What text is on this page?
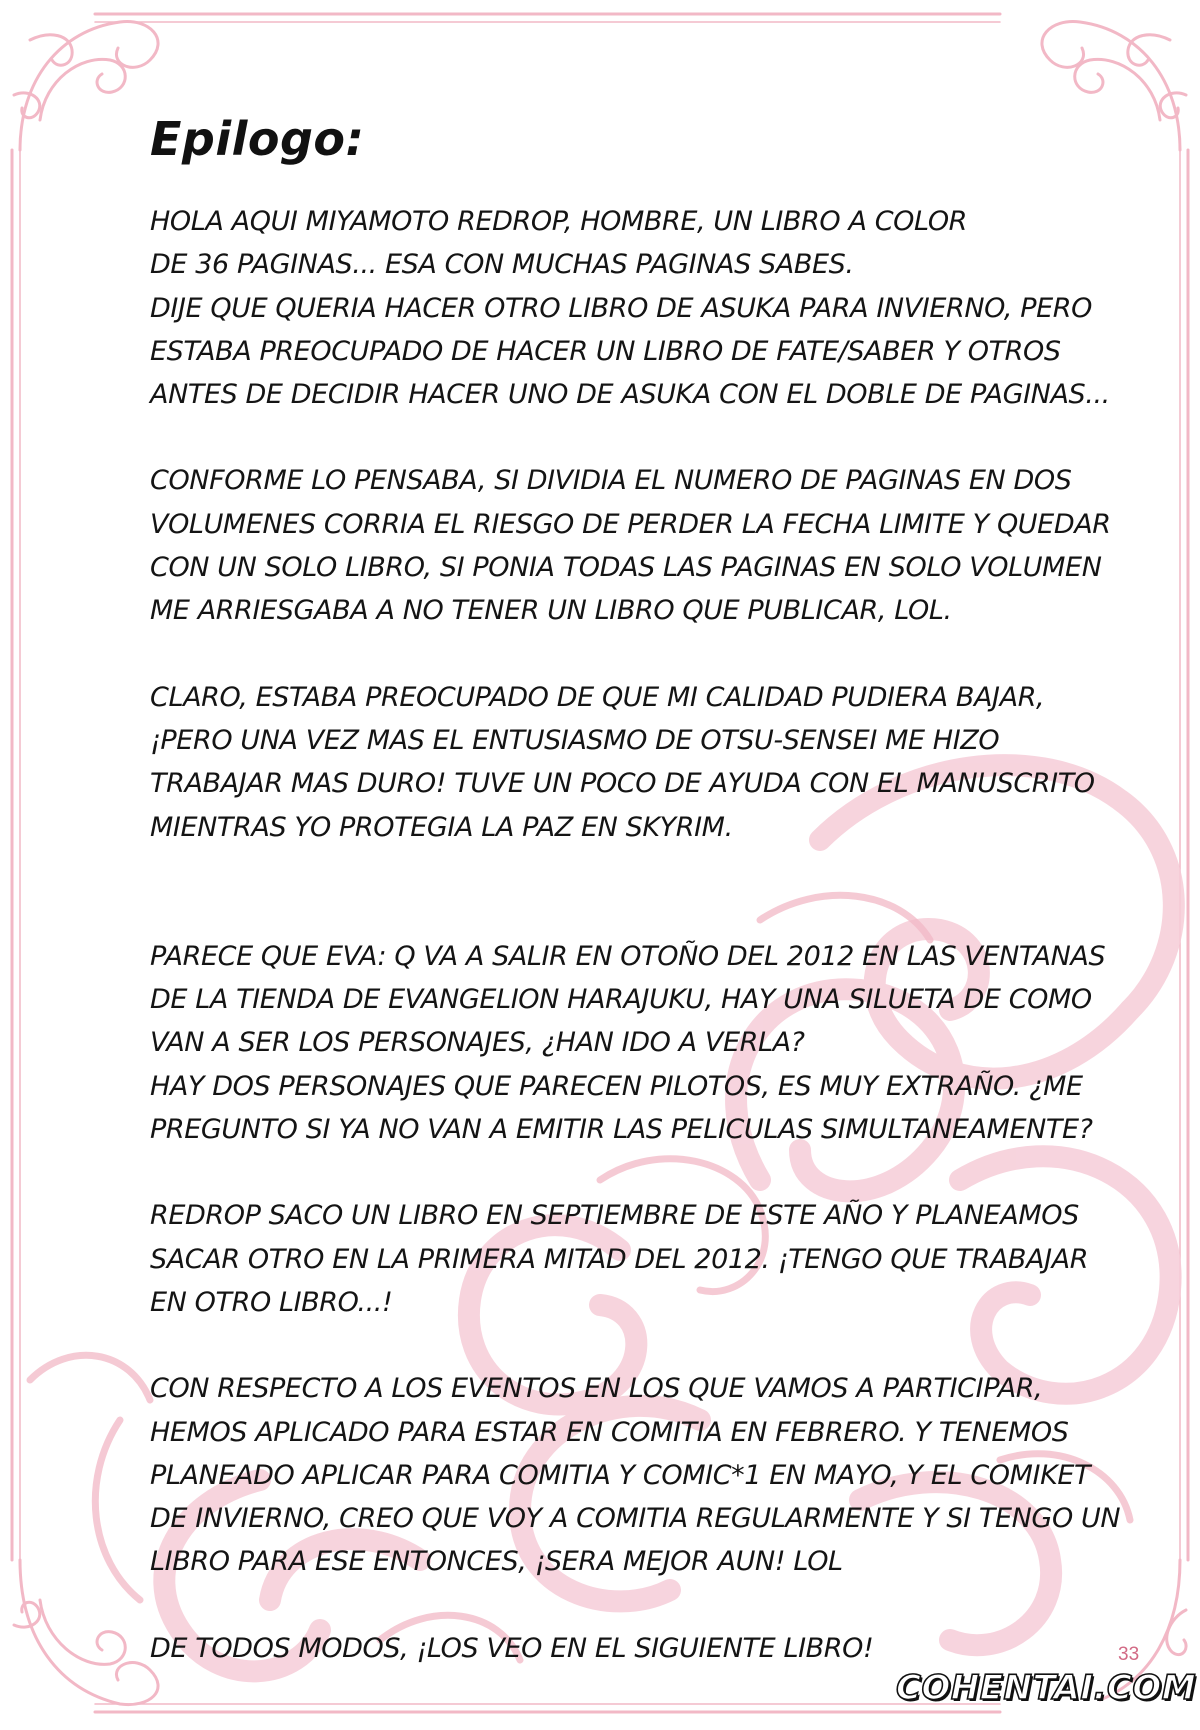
Epilogo:
HOLA AQUI MIYAMOTO REDROP, HOMBRE, UN LIBRO A COLOR
DE 36 PAGINAS... ESA CON MUCHAS PAGINAS SABES.
DIJE QUE QUERIA HACER OTRO LIBRO DE ASUKA PARA INVIERNO, PERO
ESTABA PREOCUPADO DE HACER UN LIBRO DE FATE/SABER Y OTROS
ANTES DE DECIDIR HACER UNO DE ASUKA CON EL DOBLE DE PAGINAS...
CONFORME LO PENSABA, SI DIVIDIA EL NUMERO DE PAGINAS EN DOS
VOLUMENES CORRIA EL RIESGO DE PERDER LA FECHA LIMITE Y QUEDAR
CON UN SOLO LIBRO, SI PONIA TODAS LAS PAGINAS EN SOLO VOLUMEN
ME ARRIESGABA A NO TENER UN LIBRO QUE PUBLICAR, LOL.
CLARO, ESTABA PREOCUPADO DE QUE MI CALIDAD PUDIERA BAJAR,
¡PERO UNA VEZ MAS EL ENTUSIASMO DE OTSU-SENSEI ME HIZO
TRABAJAR MAS DURO! TUVE UN POCO DE AYUDA CON EL MANUSCRITO
MIENTRAS YO PROTEGIA LA PAZ EN SKYRIM.
PARECE QUE EVA: Q VA A SALIR EN OTOÑO DEL 2012 EN LAS VENTANAS
DE LA TIENDA DE EVANGELION HARAJUKU, HAY UNA SILUETA DE COMO
VAN A SER LOS PERSONAJES, ¿HAN IDO A VERLA?
HAY DOS PERSONAJES QUE PARECEN PILOTOS, ES MUY EXTRAÑO. ¿ME
PREGUNTO SI YA NO VAN A EMITIR LAS PELICULAS SIMULTANEAMENTE?
REDROP SACO UN LIBRO EN SEPTIEMBRE DE ESTE AÑO Y PLANEAMOS
SACAR OTRO EN LA PRIMERA MITAD DEL 2012. ¡TENGO QUE TRABAJAR
EN OTRO LIBRO...!
CON RESPECTO A LOS EVENTOS EN LOS QUE VAMOS A PARTICIPAR,
HEMOS APLICADO PARA ESTAR EN COMITIA EN FEBRERO. Y TENEMOS
PLANEADO APLICAR PARA COMITIA Y COMIC*1 EN MAYO, Y EL COMIKET
DE INVIERNO, CREO QUE VOY A COMITIA REGULARMENTE Y SI TENGO UN
LIBRO PARA ESE ENTONCES, ¡SERA MEJOR AUN! LOL
DE TODOS MODOS, ¡LOS VEO EN EL SIGUIENTE LIBRO!	33
COHENTAI.COM
